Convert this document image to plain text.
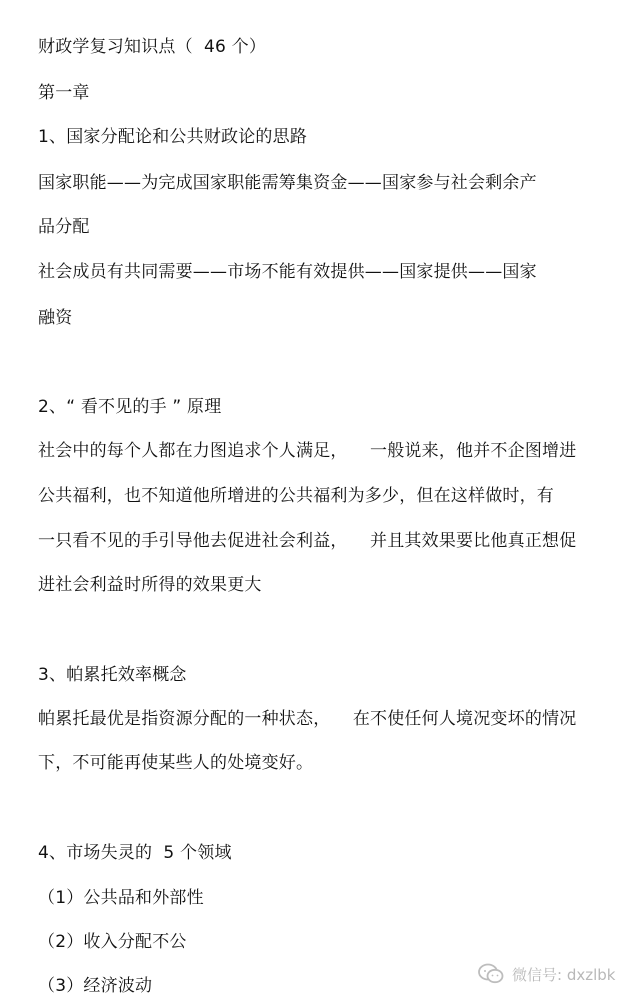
财政学复习知识点（  46 个）
第一章
1、国家分配论和公共财政论的思路
国家职能——为完成国家职能需筹集资金——国家参与社会剩余产
品分配
社会成员有共同需要——市场不能有效提供——国家提供——国家
融资
2、“ 看不见的手 ” 原理
社会中的每个人都在力图追求个人满足，    一般说来，他并不企图增进
公共福利，也不知道他所增进的公共福利为多少，但在这样做时，有
一只看不见的手引导他去促进社会利益，    并且其效果要比他真正想促
进社会利益时所得的效果更大
3、帕累托效率概念
帕累托最优是指资源分配的一种状态，    在不使任何人境况变坏的情况
下，不可能再使某些人的处境变好。
4、市场失灵的  5 个领域
（1）公共品和外部性
（2）收入分配不公
（3）经济波动
微信号: dxzlbk
